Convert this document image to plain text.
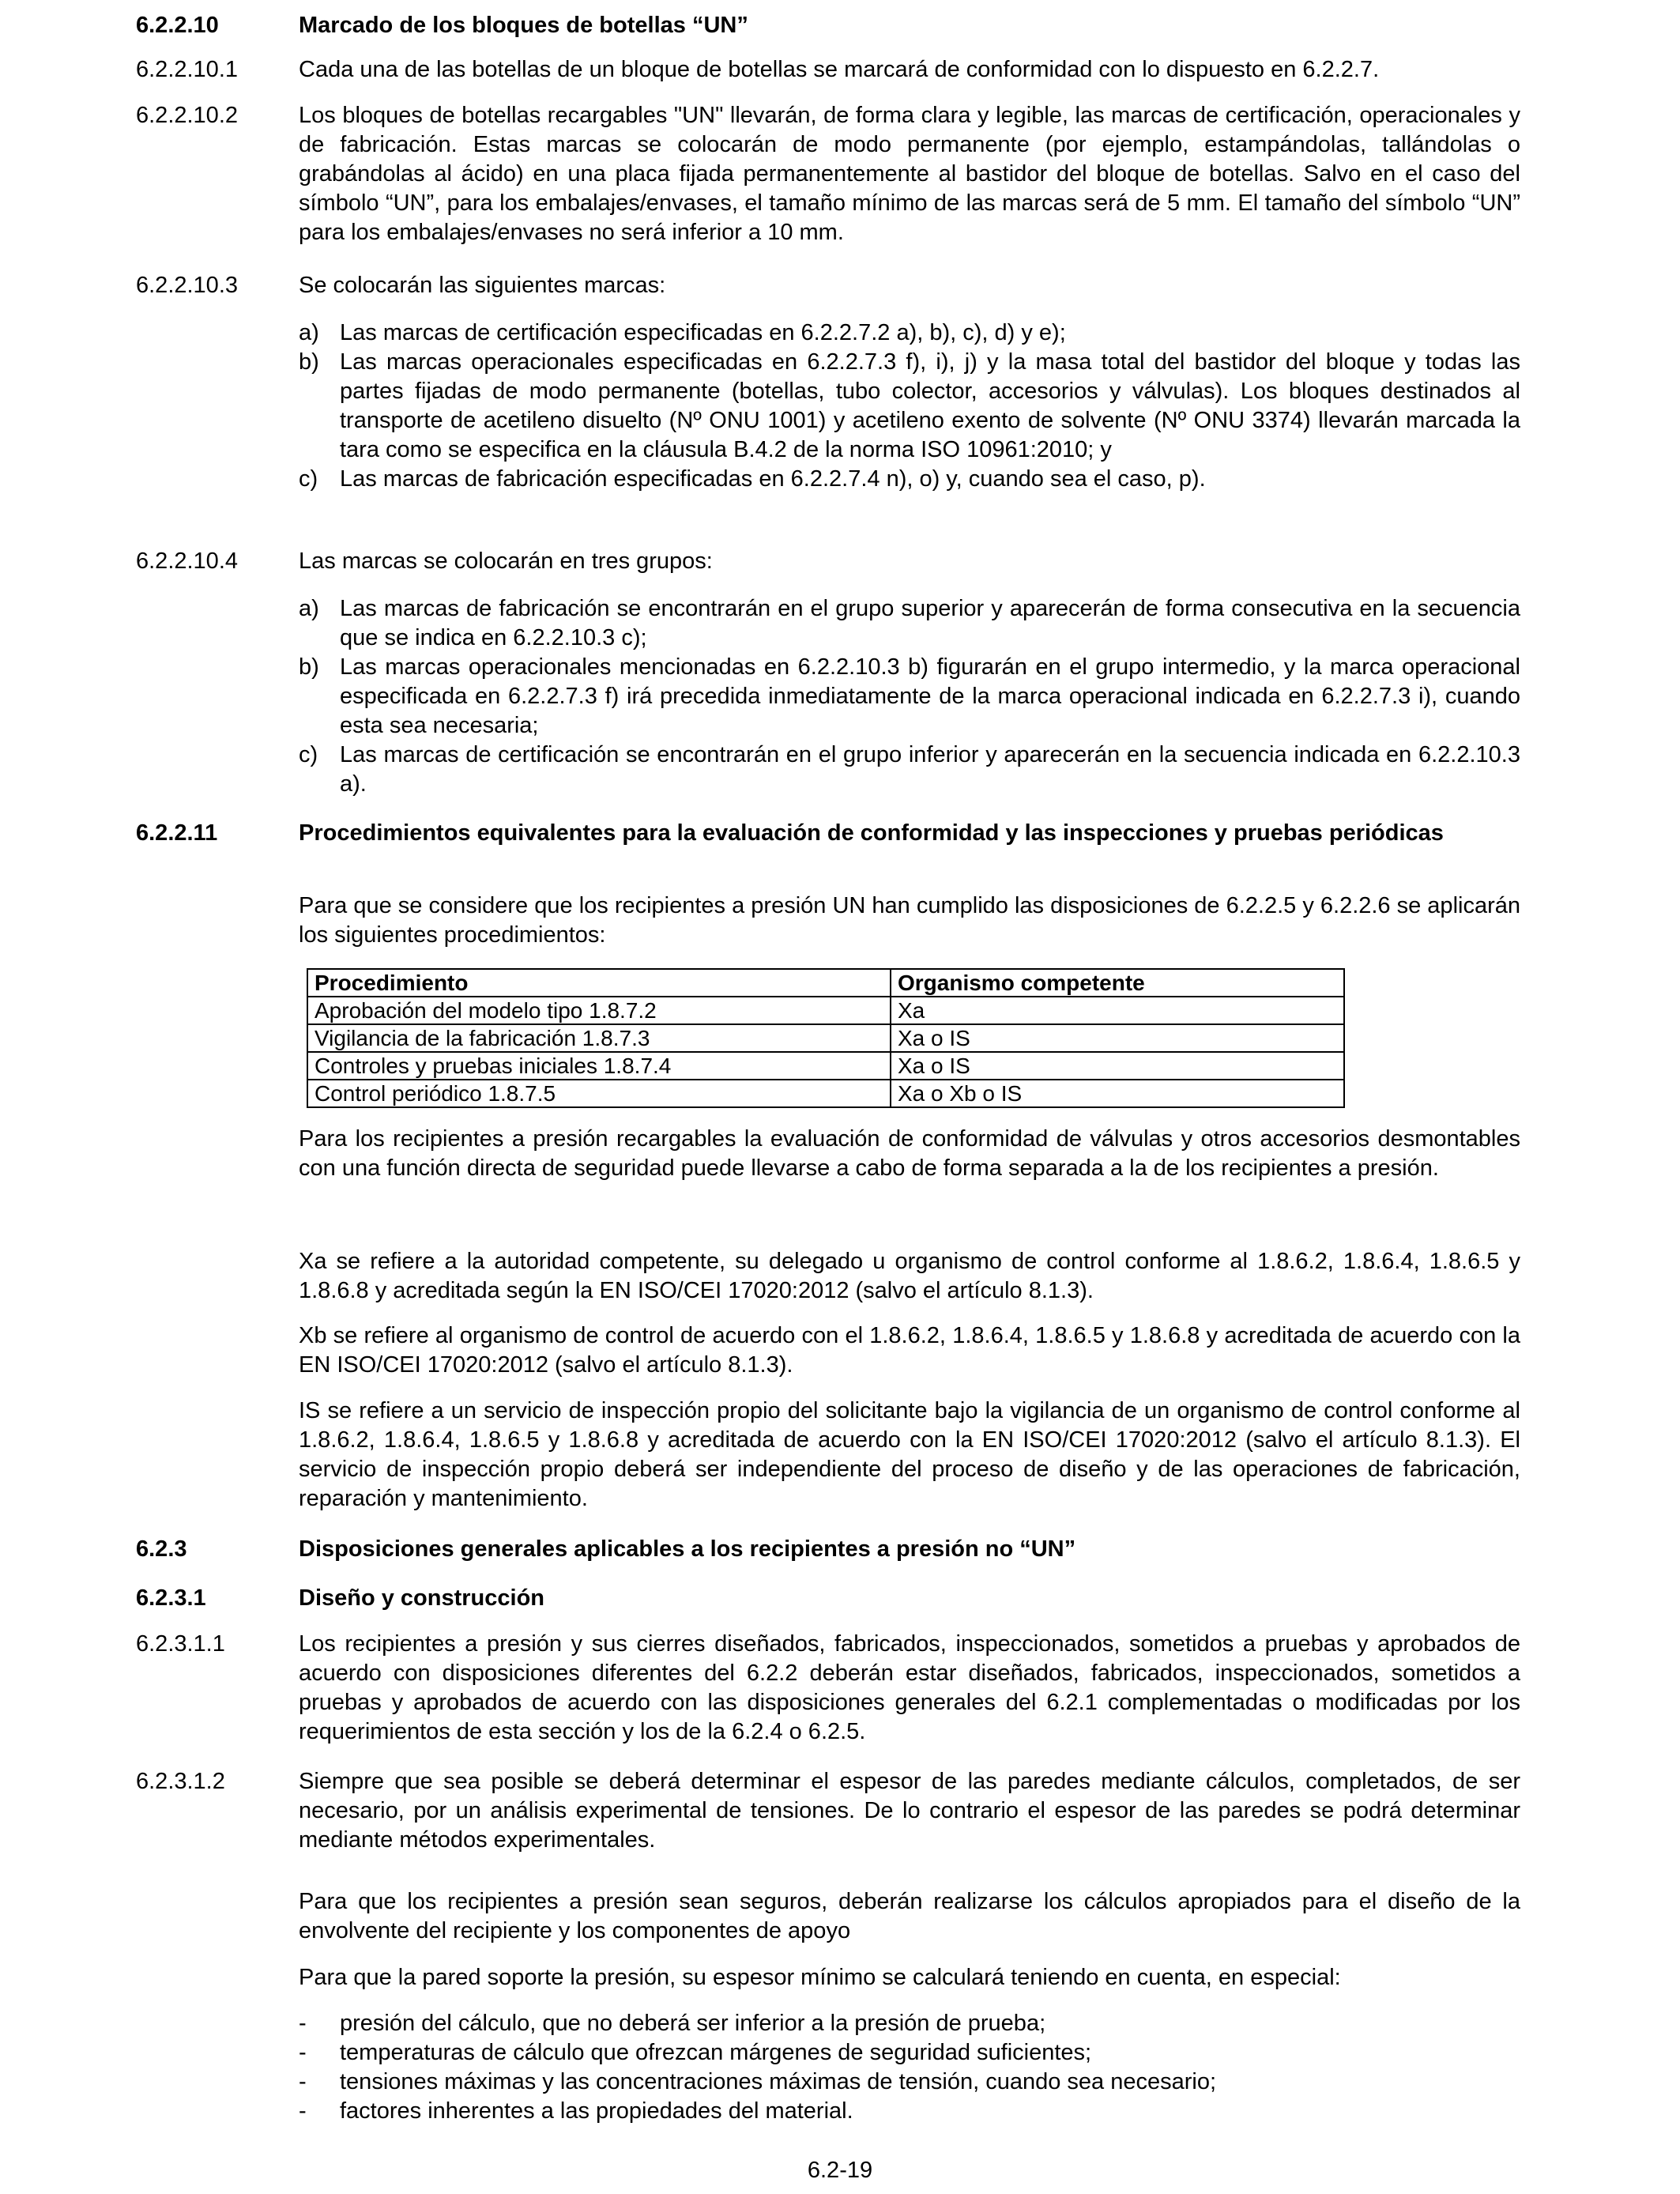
6.2.2.10	Marcado de los bloques de botellas “UN”
6.2.2.10.1	Cada una de las botellas de un bloque de botellas se marcará de conformidad con lo dispuesto en 6.2.2.7.
6.2.2.10.2	Los bloques de botellas recargables "UN" llevarán, de forma clara y legible, las marcas de certificación, operacionales y de fabricación. Estas marcas se colocarán de modo permanente (por ejemplo, estampándolas, tallándolas o grabándolas al ácido) en una placa fijada permanentemente al bastidor del bloque de botellas. Salvo en el caso del símbolo “UN”, para los embalajes/envases, el tamaño mínimo de las marcas será de 5 mm. El tamaño del símbolo “UN” para los embalajes/envases no será inferior a 10 mm.
6.2.2.10.3	Se colocarán las siguientes marcas:
a) Las marcas de certificación especificadas en 6.2.2.7.2 a), b), c), d) y e);
b) Las marcas operacionales especificadas en 6.2.2.7.3 f), i), j) y la masa total del bastidor del bloque y todas las partes fijadas de modo permanente (botellas, tubo colector, accesorios y válvulas). Los bloques destinados al transporte de acetileno disuelto (Nº ONU 1001) y acetileno exento de solvente (Nº ONU 3374) llevarán marcada la tara como se especifica en la cláusula B.4.2 de la norma ISO 10961:2010; y
c) Las marcas de fabricación especificadas en 6.2.2.7.4 n), o) y, cuando sea el caso, p).
6.2.2.10.4	Las marcas se colocarán en tres grupos:
a) Las marcas de fabricación se encontrarán en el grupo superior y aparecerán de forma consecutiva en la secuencia que se indica en 6.2.2.10.3 c);
b) Las marcas operacionales mencionadas en 6.2.2.10.3 b) figurarán en el grupo intermedio, y la marca operacional especificada en 6.2.2.7.3 f) irá precedida inmediatamente de la marca operacional indicada en 6.2.2.7.3 i), cuando esta sea necesaria;
c) Las marcas de certificación se encontrarán en el grupo inferior y aparecerán en la secuencia indicada en 6.2.2.10.3 a).
6.2.2.11	Procedimientos equivalentes para la evaluación de conformidad y las inspecciones y pruebas periódicas
Para que se considere que los recipientes a presión UN han cumplido las disposiciones de 6.2.2.5 y 6.2.2.6 se aplicarán los siguientes procedimientos:
Procedimiento	Organismo competente
Aprobación del modelo tipo 1.8.7.2	Xa
Vigilancia de la fabricación 1.8.7.3	Xa o IS
Controles y pruebas iniciales 1.8.7.4	Xa o IS
Control periódico 1.8.7.5	Xa o Xb o IS
Para los recipientes a presión recargables la evaluación de conformidad de válvulas y otros accesorios desmontables con una función directa de seguridad puede llevarse a cabo de forma separada a la de los recipientes a presión.
Xa se refiere a la autoridad competente, su delegado u organismo de control conforme al 1.8.6.2, 1.8.6.4, 1.8.6.5 y 1.8.6.8 y acreditada según la EN ISO/CEI 17020:2012 (salvo el artículo 8.1.3).
Xb se refiere al organismo de control de acuerdo con el 1.8.6.2, 1.8.6.4, 1.8.6.5 y 1.8.6.8 y acreditada de acuerdo con la EN ISO/CEI 17020:2012 (salvo el artículo 8.1.3).
IS se refiere a un servicio de inspección propio del solicitante bajo la vigilancia de un organismo de control conforme al 1.8.6.2, 1.8.6.4, 1.8.6.5 y 1.8.6.8 y acreditada de acuerdo con la EN ISO/CEI 17020:2012 (salvo el artículo 8.1.3). El servicio de inspección propio deberá ser independiente del proceso de diseño y de las operaciones de fabricación, reparación y mantenimiento.
6.2.3	Disposiciones generales aplicables a los recipientes a presión no “UN”
6.2.3.1	Diseño y construcción
6.2.3.1.1	Los recipientes a presión y sus cierres diseñados, fabricados, inspeccionados, sometidos a pruebas y aprobados de acuerdo con disposiciones diferentes del 6.2.2 deberán estar diseñados, fabricados, inspeccionados, sometidos a pruebas y aprobados de acuerdo con las disposiciones generales del 6.2.1 complementadas o modificadas por los requerimientos de esta sección y los de la 6.2.4 o 6.2.5.
6.2.3.1.2	Siempre que sea posible se deberá determinar el espesor de las paredes mediante cálculos, completados, de ser necesario, por un análisis experimental de tensiones. De lo contrario el espesor de las paredes se podrá determinar mediante métodos experimentales.
Para que los recipientes a presión sean seguros, deberán realizarse los cálculos apropiados para el diseño de la envolvente del recipiente y los componentes de apoyo
Para que la pared soporte la presión, su espesor mínimo se calculará teniendo en cuenta, en especial:
- presión del cálculo, que no deberá ser inferior a la presión de prueba;
- temperaturas de cálculo que ofrezcan márgenes de seguridad suficientes;
- tensiones máximas y las concentraciones máximas de tensión, cuando sea necesario;
- factores inherentes a las propiedades del material.
6.2-19
